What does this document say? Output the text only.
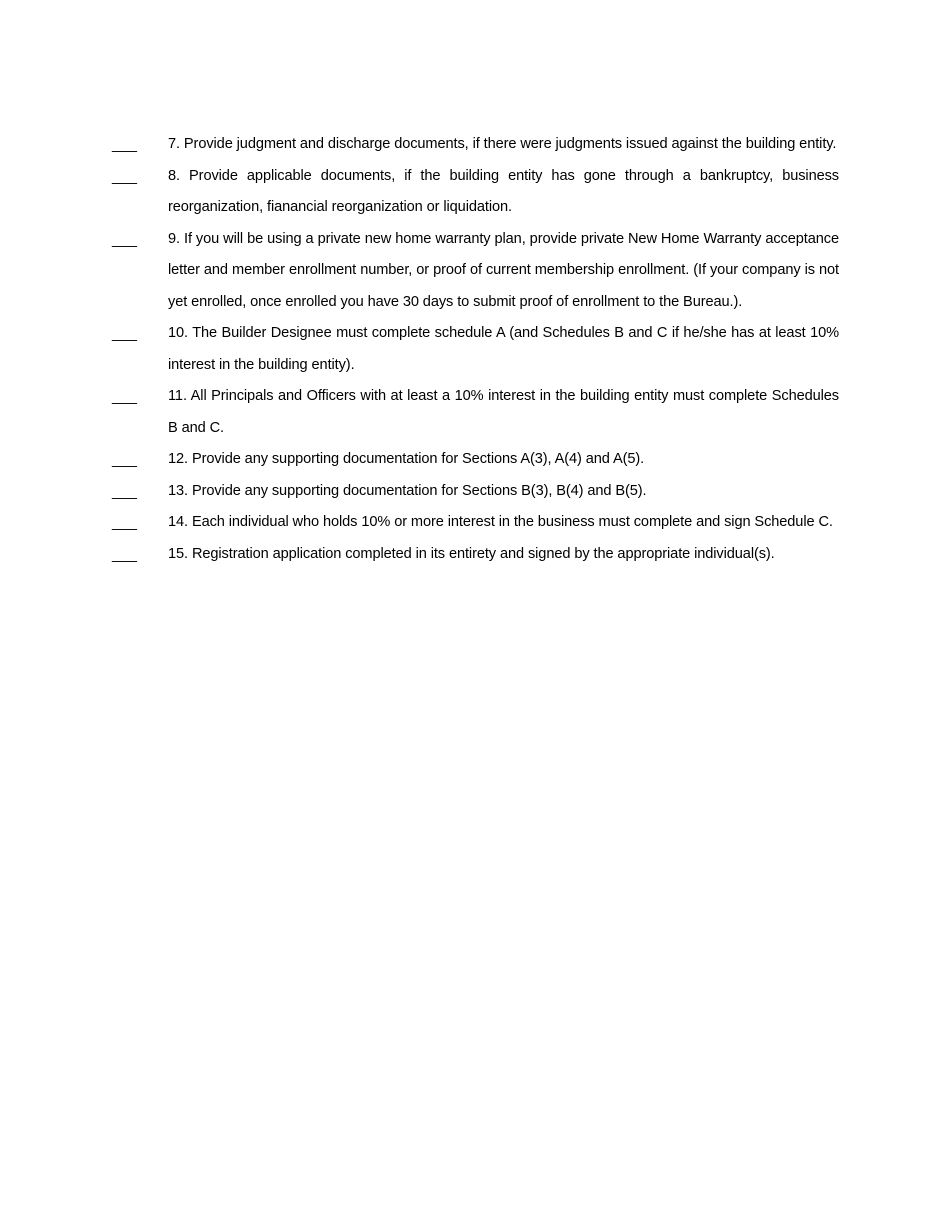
___	7. Provide judgment and discharge documents, if there were judgments issued against the building entity.
___	8. Provide applicable documents, if the building entity has gone through a bankruptcy, business reorganization, fianancial reorganization or liquidation.
___	9. If you will be using a private new home warranty plan, provide private New Home Warranty acceptance letter and member enrollment number, or proof of current membership enrollment. (If your company is not yet enrolled, once enrolled you have 30 days to submit proof of enrollment to the Bureau.).
___	10. The Builder Designee must complete schedule A (and Schedules B and C if he/she has at least 10% interest in the building entity).
___	11. All Principals and Officers with at least a 10% interest in the building entity must complete Schedules B and C.
___	12. Provide any supporting documentation for Sections A(3), A(4) and A(5).
___	13. Provide any supporting documentation for Sections B(3), B(4) and B(5).
___	14. Each individual who holds 10% or more interest in the business must complete and sign Schedule C.
___	15. Registration application completed in its entirety and signed by the appropriate individual(s).
